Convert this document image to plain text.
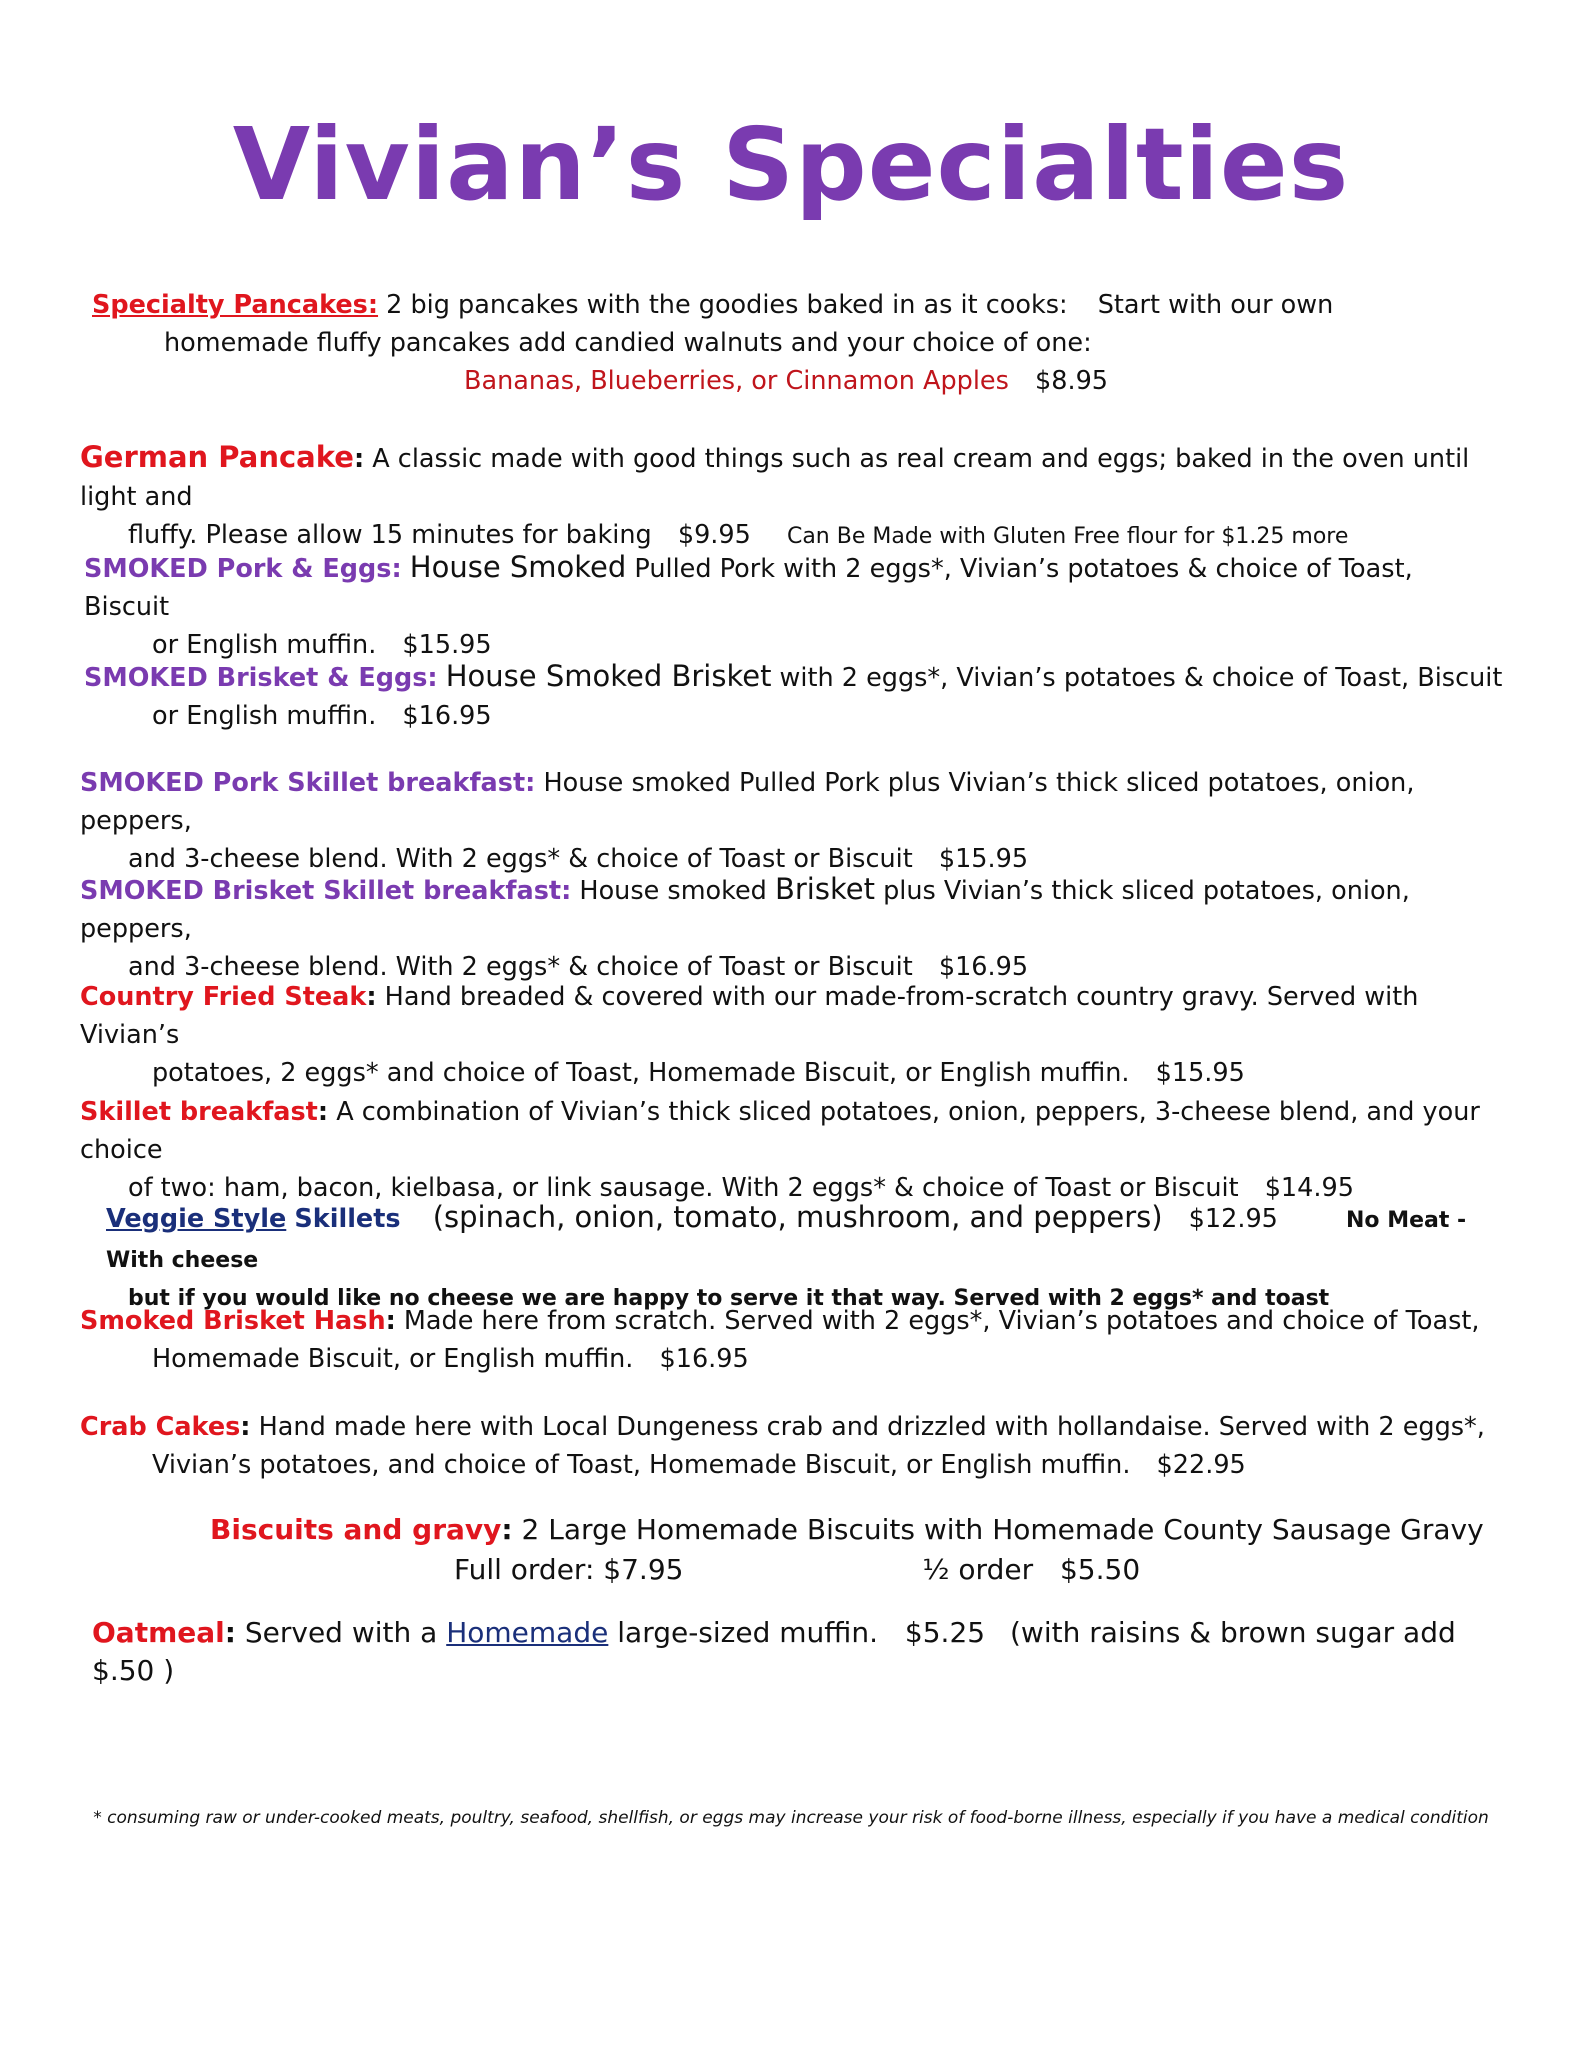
Vivian’s Specialties
Specialty Pancakes: 2 big pancakes with the goodies baked in as it cooks: Start with our own
homemade fluffy pancakes add candied walnuts and your choice of one:
Bananas, Blueberries, or Cinnamon Apples $8.95
German Pancake: A classic made with good things such as real cream and eggs; baked in the oven until light and
fluffy. Please allow 15 minutes for baking $9.95 Can Be Made with Gluten Free flour for $1.25 more
SMOKED Pork & Eggs: House Smoked Pulled Pork with 2 eggs*, Vivian’s potatoes & choice of Toast, Biscuit
or English muffin. $15.95
SMOKED Brisket & Eggs: House Smoked Brisket with 2 eggs*, Vivian’s potatoes & choice of Toast, Biscuit
or English muffin. $16.95
SMOKED Pork Skillet breakfast: House smoked Pulled Pork plus Vivian’s thick sliced potatoes, onion, peppers,
and 3-cheese blend. With 2 eggs* & choice of Toast or Biscuit $15.95
SMOKED Brisket Skillet breakfast: House smoked Brisket plus Vivian’s thick sliced potatoes, onion, peppers,
and 3-cheese blend. With 2 eggs* & choice of Toast or Biscuit $16.95
Country Fried Steak: Hand breaded & covered with our made-from-scratch country gravy. Served with Vivian’s
potatoes, 2 eggs* and choice of Toast, Homemade Biscuit, or English muffin. $15.95
Skillet breakfast: A combination of Vivian’s thick sliced potatoes, onion, peppers, 3-cheese blend, and your choice
of two: ham, bacon, kielbasa, or link sausage. With 2 eggs* & choice of Toast or Biscuit $14.95
Veggie Style Skillets (spinach, onion, tomato, mushroom, and peppers) $12.95	No Meat - With cheese
but if you would like no cheese we are happy to serve it that way. Served with 2 eggs* and toast
Smoked Brisket Hash: Made here from scratch. Served with 2 eggs*, Vivian’s potatoes and choice of Toast,
Homemade Biscuit, or English muffin. $16.95
Crab Cakes: Hand made here with Local Dungeness crab and drizzled with hollandaise. Served with 2 eggs*,
Vivian’s potatoes, and choice of Toast, Homemade Biscuit, or English muffin. $22.95
Biscuits and gravy: 2 Large Homemade Biscuits with Homemade County Sausage Gravy
Full order: $7.95	½ order $5.50
Oatmeal: Served with a Homemade large-sized muffin. $5.25 (with raisins & brown sugar add $.50 )
* consuming raw or under-cooked meats, poultry, seafood, shellfish, or eggs may increase your risk of food-borne illness, especially if you have a medical condition
